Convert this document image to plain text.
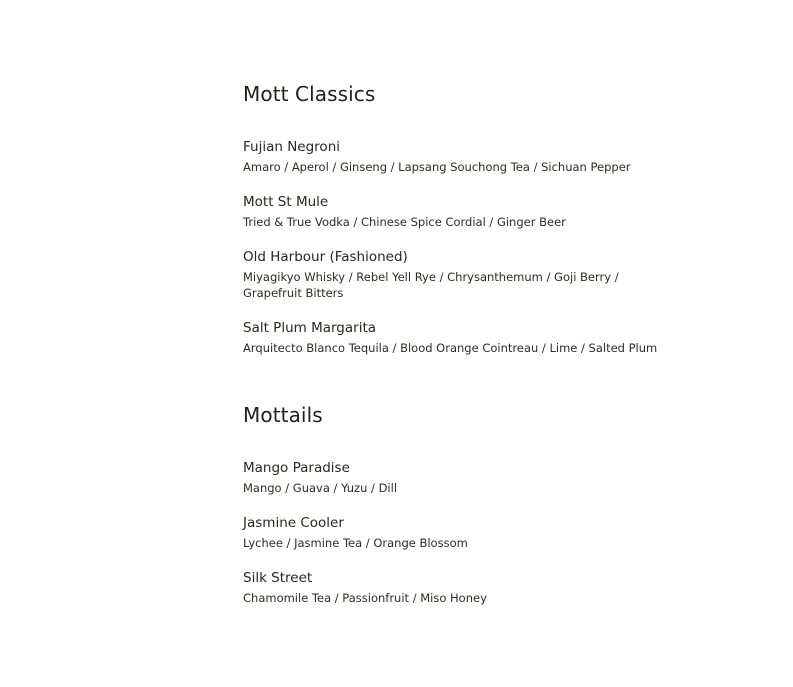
Mott Classics
Fujian Negroni
Amaro / Aperol / Ginseng / Lapsang Souchong Tea / Sichuan Pepper
Mott St Mule
Tried & True Vodka / Chinese Spice Cordial / Ginger Beer
Old Harbour (Fashioned)
Miyagikyo Whisky / Rebel Yell Rye / Chrysanthemum / Goji Berry / Grapefruit Bitters
Salt Plum Margarita
Arquitecto Blanco Tequila / Blood Orange Cointreau / Lime / Salted Plum
Mottails
Mango Paradise
Mango / Guava / Yuzu / Dill
Jasmine Cooler
Lychee / Jasmine Tea / Orange Blossom
Silk Street
Chamomile Tea / Passionfruit / Miso Honey
